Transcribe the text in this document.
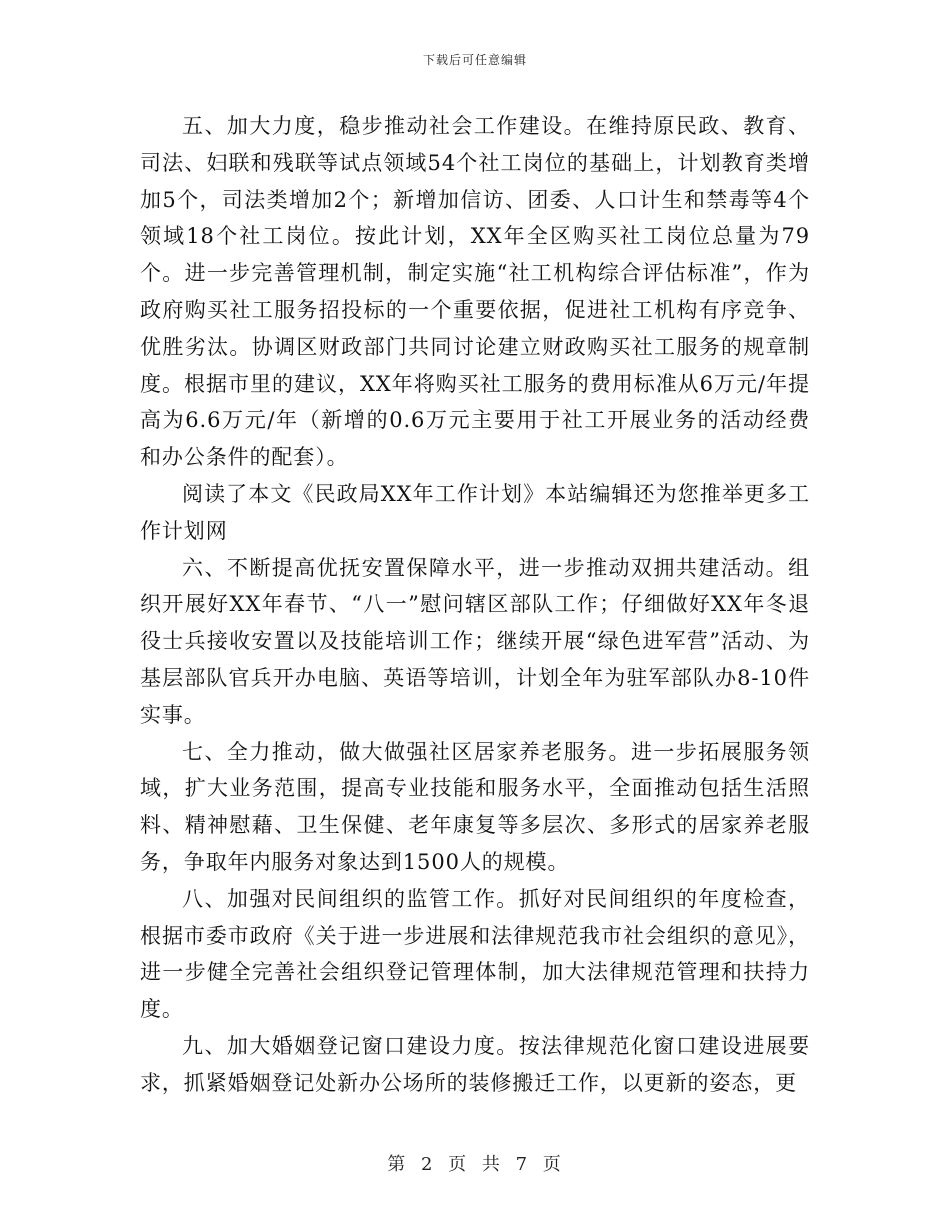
下载后可任意编辑

五、加大力度，稳步推动社会工作建设。在维持原民政、教育、司法、妇联和残联等试点领域54个社工岗位的基础上，计划教育类增加5个，司法类增加2个；新增加信访、团委、人口计生和禁毒等4个领域18个社工岗位。按此计划，XX年全区购买社工岗位总量为79个。进一步完善管理机制，制定实施“社工机构综合评估标准”，作为政府购买社工服务招投标的一个重要依据，促进社工机构有序竞争、优胜劣汰。协调区财政部门共同讨论建立财政购买社工服务的规章制度。根据市里的建议，XX年将购买社工服务的费用标准从6万元/年提高为6.6万元/年（新增的0.6万元主要用于社工开展业务的活动经费和办公条件的配套）。

阅读了本文《民政局XX年工作计划》本站编辑还为您推举更多工作计划网

六、不断提高优抚安置保障水平，进一步推动双拥共建活动。组织开展好XX年春节、“八一”慰问辖区部队工作；仔细做好XX年冬退役士兵接收安置以及技能培训工作；继续开展“绿色进军营”活动、为基层部队官兵开办电脑、英语等培训，计划全年为驻军部队办8-10件实事。

七、全力推动，做大做强社区居家养老服务。进一步拓展服务领域，扩大业务范围，提高专业技能和服务水平，全面推动包括生活照料、精神慰藉、卫生保健、老年康复等多层次、多形式的居家养老服务，争取年内服务对象达到1500人的规模。

八、加强对民间组织的监管工作。抓好对民间组织的年度检查，根据市委市政府《关于进一步进展和法律规范我市社会组织的意见》，进一步健全完善社会组织登记管理体制，加大法律规范管理和扶持力度。

九、加大婚姻登记窗口建设力度。按法律规范化窗口建设进展要求，抓紧婚姻登记处新办公场所的装修搬迁工作，以更新的姿态，更

第 2 页 共 7 页
